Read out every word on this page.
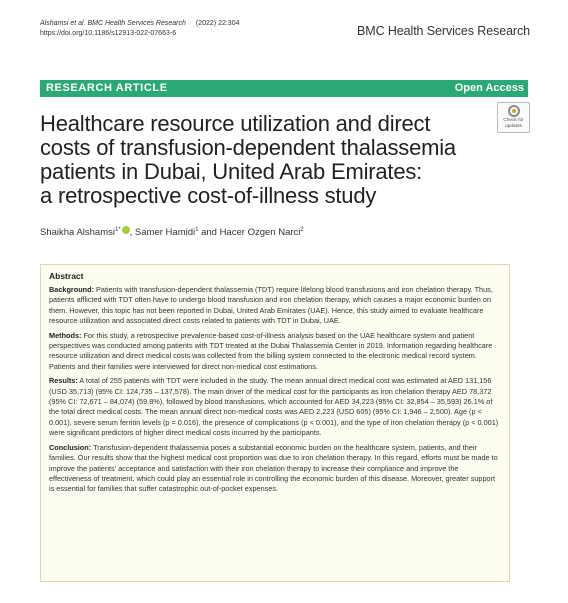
Alshamsi et al. BMC Health Services Research (2022) 22:304
https://doi.org/10.1186/s12913-022-07663-6	BMC Health Services Research
RESEARCH ARTICLE	Open Access
Check for
updates
Healthcare resource utilization and direct
costs of transfusion-dependent thalassemia
patients in Dubai, United Arab Emirates:
a retrospective cost-of-illness study
Shaikha Alshamsi$^{1*}$ , Samer Hamidi$^1$ and Hacer Ozgen Narci$^2$
Abstract

Background: Patients with transfusion-dependent thalassemia (TDT) require lifelong blood transfusions and iron chelation therapy. Thus, patients afflicted with TDT often have to undergo blood transfusion and iron chelation therapy, which causes a major economic burden on them. However, this topic has not been reported in Dubai, United Arab Emirates (UAE). Hence, this study aimed to evaluate healthcare resource utilization and associated direct costs related to patients with TDT in Dubai, UAE.

Methods: For this study, a retrospective prevalence-based cost-of-illness analysis based on the UAE healthcare system and patient perspectives was conducted among patients with TDT treated at the Dubai Thalassemia Center in 2019. Information regarding healthcare resource utilization and direct medical costs was collected from the billing system connected to the electronic medical record system. Patients and their families were interviewed for direct non-medical cost estimations.

Results: A total of 255 patients with TDT were included in the study. The mean annual direct medical cost was estimated at AED 131,156 (USD 35,713) (95% CI: 124,735 – 137,578). The main driver of the medical cost for the participants as iron chelation therapy AED 78,372 (95% CI: 72,671 – 84,074) (59.8%), followed by blood transfusions, which accounted for AED 34,223 (95% CI: 32,854 – 35,593) 26.1% of the total direct medical costs. The mean annual direct non-medical costs was AED 2,223 (USD 605) (95% CI: 1,946 – 2,500). Age (p < 0.001), severe serum ferritin levels (p = 0.016), the presence of complications (p < 0.001), and the type of iron chelation therapy (p < 0.001) were significant predictors of higher direct medical costs incurred by the participants.

Conclusion: Transfusion-dependent thalassemia poses a substantial economic burden on the healthcare system, patients, and their families. Our results show that the highest medical cost proportion was due to iron chelation therapy. In this regard, efforts must be made to improve the patients' acceptance and satisfaction with their iron chelation therapy to increase their compliance and improve the effectiveness of treatment, which could play an essential role in controlling the economic burden of this disease. Moreover, greater support is essential for families that suffer catastrophic out-of-pocket expenses.
